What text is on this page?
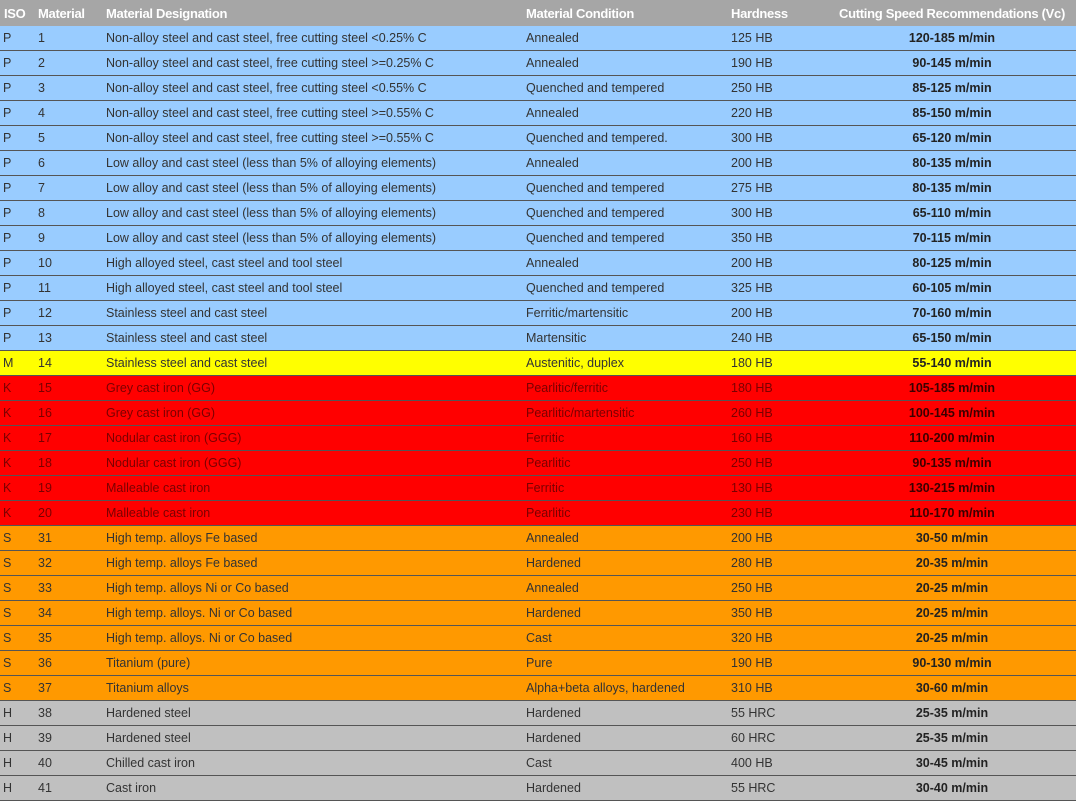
ISO	Material	Material Designation	Material Condition	Hardness	Cutting Speed Recommendations (Vc)
P	1	Non-alloy steel and cast steel, free cutting steel <0.25% C	Annealed	125 HB	120-185 m/min
P	2	Non-alloy steel and cast steel, free cutting steel >=0.25% C	Annealed	190 HB	90-145 m/min
P	3	Non-alloy steel and cast steel, free cutting steel <0.55% C	Quenched and tempered	250 HB	85-125 m/min
P	4	Non-alloy steel and cast steel, free cutting steel >=0.55% C	Annealed	220 HB	85-150 m/min
P	5	Non-alloy steel and cast steel, free cutting steel >=0.55% C	Quenched and tempered.	300 HB	65-120 m/min
P	6	Low alloy and cast steel (less than 5% of alloying elements)	Annealed	200 HB	80-135 m/min
P	7	Low alloy and cast steel (less than 5% of alloying elements)	Quenched and tempered	275 HB	80-135 m/min
P	8	Low alloy and cast steel (less than 5% of alloying elements)	Quenched and tempered	300 HB	65-110 m/min
P	9	Low alloy and cast steel (less than 5% of alloying elements)	Quenched and tempered	350 HB	70-115 m/min
P	10	High alloyed steel, cast steel and tool steel	Annealed	200 HB	80-125 m/min
P	11	High alloyed steel, cast steel and tool steel	Quenched and tempered	325 HB	60-105 m/min
P	12	Stainless steel and cast steel	Ferritic/martensitic	200 HB	70-160 m/min
P	13	Stainless steel and cast steel	Martensitic	240 HB	65-150 m/min
M	14	Stainless steel and cast steel	Austenitic, duplex	180 HB	55-140 m/min
K	15	Grey cast iron (GG)	Pearlitic/ferritic	180 HB	105-185 m/min
K	16	Grey cast iron (GG)	Pearlitic/martensitic	260 HB	100-145 m/min
K	17	Nodular cast iron (GGG)	Ferritic	160 HB	110-200 m/min
K	18	Nodular cast iron (GGG)	Pearlitic	250 HB	90-135 m/min
K	19	Malleable cast iron	Ferritic	130 HB	130-215 m/min
K	20	Malleable cast iron	Pearlitic	230 HB	110-170 m/min
S	31	High temp. alloys Fe based	Annealed	200 HB	30-50 m/min
S	32	High temp. alloys Fe based	Hardened	280 HB	20-35 m/min
S	33	High temp. alloys Ni or Co based	Annealed	250 HB	20-25 m/min
S	34	High temp. alloys. Ni or Co based	Hardened	350 HB	20-25 m/min
S	35	High temp. alloys. Ni or Co based	Cast	320 HB	20-25 m/min
S	36	Titanium (pure)	Pure	190 HB	90-130 m/min
S	37	Titanium alloys	Alpha+beta alloys, hardened	310 HB	30-60 m/min
H	38	Hardened steel	Hardened	55 HRC	25-35 m/min
H	39	Hardened steel	Hardened	60 HRC	25-35 m/min
H	40	Chilled cast iron	Cast	400 HB	30-45 m/min
H	41	Cast iron	Hardened	55 HRC	30-40 m/min
